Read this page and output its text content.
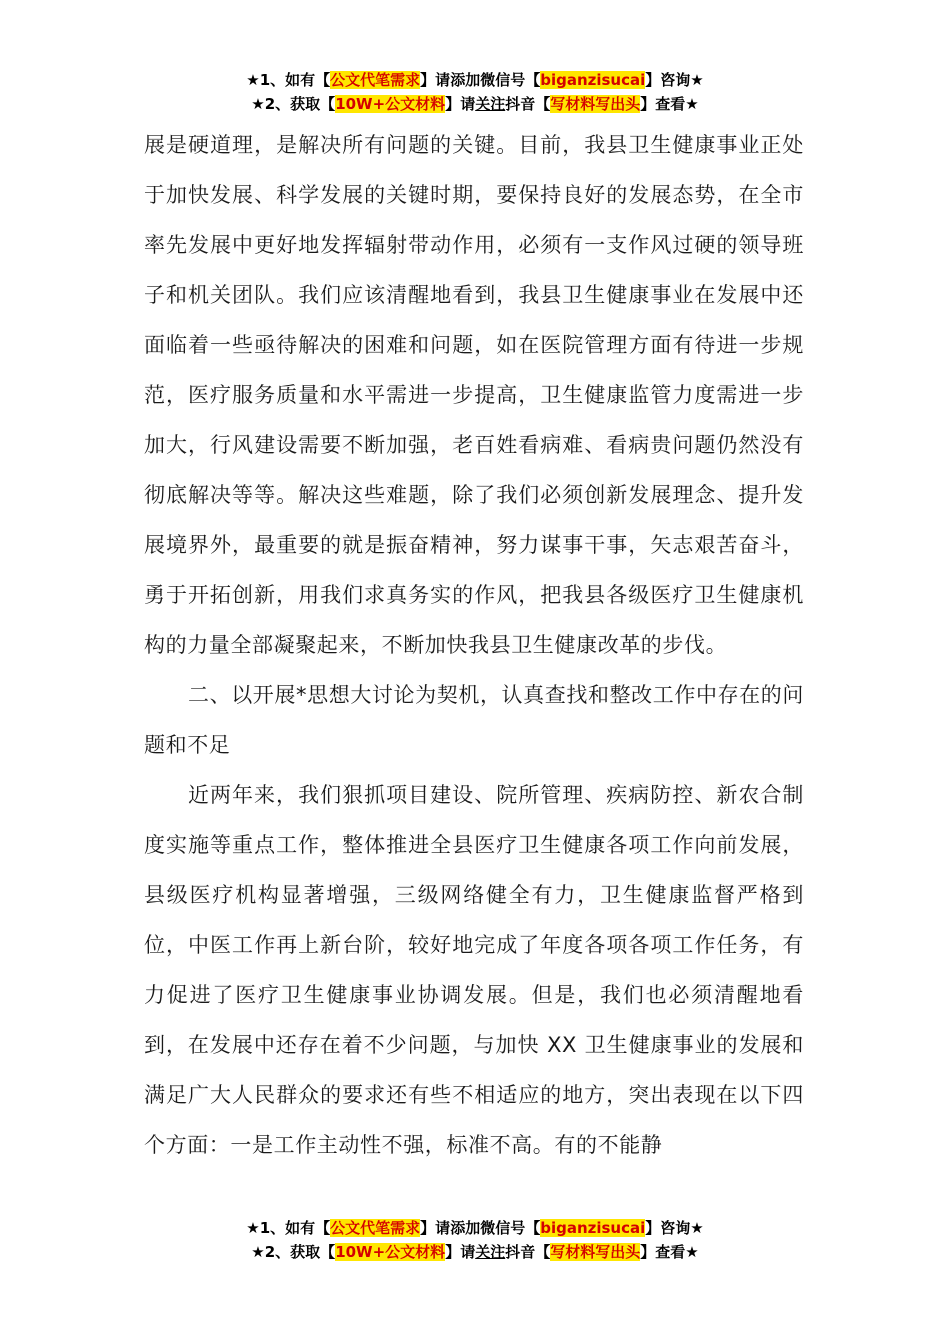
★1、如有【公文代笔需求】请添加微信号【biganzisucai】咨询★
★2、获取【10W+公文材料】请关注抖音【写材料写出头】查看★

展是硬道理，是解决所有问题的关键。目前，我县卫生健康事业正处于加快发展、科学发展的关键时期，要保持良好的发展态势，在全市率先发展中更好地发挥辐射带动作用，必须有一支作风过硬的领导班子和机关团队。我们应该清醒地看到，我县卫生健康事业在发展中还面临着一些亟待解决的困难和问题，如在医院管理方面有待进一步规范，医疗服务质量和水平需进一步提高，卫生健康监管力度需进一步加大，行风建设需要不断加强，老百姓看病难、看病贵问题仍然没有彻底解决等等。解决这些难题，除了我们必须创新发展理念、提升发展境界外，最重要的就是振奋精神，努力谋事干事，矢志艰苦奋斗，勇于开拓创新，用我们求真务实的作风，把我县各级医疗卫生健康机构的力量全部凝聚起来，不断加快我县卫生健康改革的步伐。

二、以开展*思想大讨论为契机，认真查找和整改工作中存在的问题和不足

近两年来，我们狠抓项目建设、院所管理、疾病防控、新农合制度实施等重点工作，整体推进全县医疗卫生健康各项工作向前发展，县级医疗机构显著增强，三级网络健全有力，卫生健康监督严格到位，中医工作再上新台阶，较好地完成了年度各项各项工作任务，有力促进了医疗卫生健康事业协调发展。但是，我们也必须清醒地看到，在发展中还存在着不少问题，与加快 XX 卫生健康事业的发展和满足广大人民群众的要求还有些不相适应的地方，突出表现在以下四个方面：一是工作主动性不强，标准不高。有的不能静

★1、如有【公文代笔需求】请添加微信号【biganzisucai】咨询★
★2、获取【10W+公文材料】请关注抖音【写材料写出头】查看★
